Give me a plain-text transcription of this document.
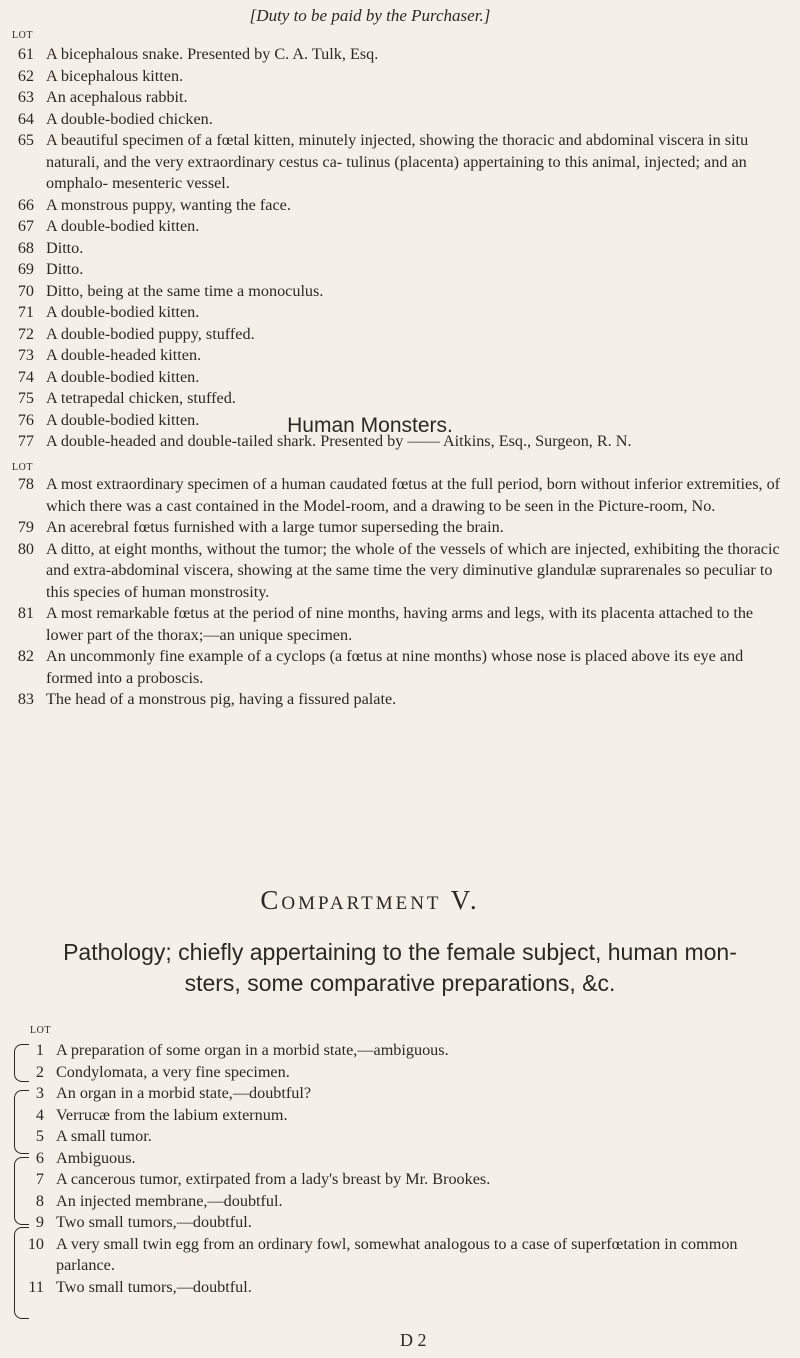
[Duty to be paid by the Purchaser.]
LOT
61 A bicephalous snake. Presented by C. A. Tulk, Esq.
62 A bicephalous kitten.
63 An acephalous rabbit.
64 A double-bodied chicken.
65 A beautiful specimen of a fœtal kitten, minutely injected, showing the thoracic and abdominal viscera in situ naturali, and the very extraordinary cestus ca- tulinus (placenta) appertaining to this animal, injected; and an omphalo- mesenteric vessel.
66 A monstrous puppy, wanting the face.
67 A double-bodied kitten.
68 Ditto.
69 Ditto.
70 Ditto, being at the same time a monoculus.
71 A double-bodied kitten.
72 A double-bodied puppy, stuffed.
73 A double-headed kitten.
74 A double-bodied kitten.
75 A tetrapedal chicken, stuffed.
76 A double-bodied kitten.
77 A double-headed and double-tailed shark. Presented by —— Aitkins, Esq., Surgeon, R. N.
Human Monsters.
LOT
78 A most extraordinary specimen of a human caudated fœtus at the full period, born without inferior extremities, of which there was a cast contained in the Model-room, and a drawing to be seen in the Picture-room, No.
79 An acerebral fœtus furnished with a large tumor superseding the brain.
80 A ditto, at eight months, without the tumor; the whole of the vessels of which are injected, exhibiting the thoracic and extra-abdominal viscera, showing at the same time the very diminutive glandulæ suprarenales so peculiar to this species of human monstrosity.
81 A most remarkable fœtus at the period of nine months, having arms and legs, with its placenta attached to the lower part of the thorax;—an unique specimen.
82 An uncommonly fine example of a cyclops (a fœtus at nine months) whose nose is placed above its eye and formed into a proboscis.
83 The head of a monstrous pig, having a fissured palate.
Compartment V.
Pathology; chiefly appertaining to the female subject, human mon- sters, some comparative preparations, &c.
LOT
1 A preparation of some organ in a morbid state,—ambiguous.
2 Condylomata, a very fine specimen.
3 An organ in a morbid state,—doubtful?
4 Verrucæ from the labium externum.
5 A small tumor.
6 Ambiguous.
7 A cancerous tumor, extirpated from a lady's breast by Mr. Brookes.
8 An injected membrane,—doubtful.
9 Two small tumors,—doubtful.
10 A very small twin egg from an ordinary fowl, somewhat analogous to a case of superfœtation in common parlance.
11 Two small tumors,—doubtful.
D 2
